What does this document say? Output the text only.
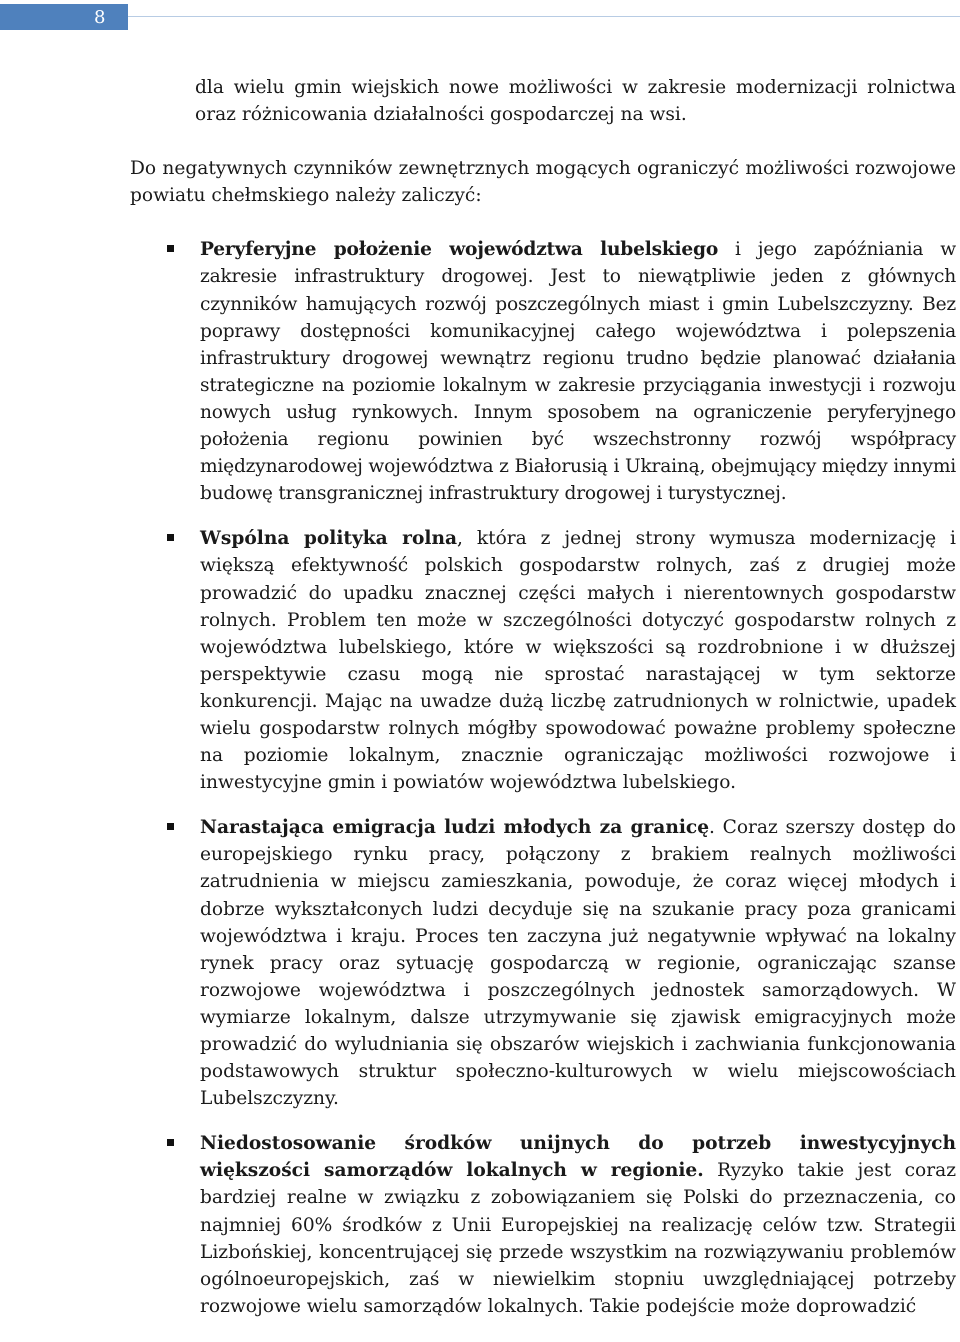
8

dla wielu gmin wiejskich nowe możliwości w zakresie modernizacji rolnictwa oraz różnicowania działalności gospodarczej na wsi.

Do negatywnych czynników zewnętrznych mogących ograniczyć możliwości rozwojowe powiatu chełmskiego należy zaliczyć:

Peryferyjne położenie województwa lubelskiego i jego zapóźniania w zakresie infrastruktury drogowej. Jest to niewątpliwie jeden z głównych czynników hamujących rozwój poszczególnych miast i gmin Lubelszczyzny. Bez poprawy dostępności komunikacyjnej całego województwa i polepszenia infrastruktury drogowej wewnątrz regionu trudno będzie planować działania strategiczne na poziomie lokalnym w zakresie przyciągania inwestycji i rozwoju nowych usług rynkowych. Innym sposobem na ograniczenie peryferyjnego położenia regionu powinien być wszechstronny rozwój współpracy międzynarodowej województwa z Białorusią i Ukrainą, obejmujący między innymi budowę transgranicznej infrastruktury drogowej i turystycznej.

Wspólna polityka rolna, która z jednej strony wymusza modernizację i większą efektywność polskich gospodarstw rolnych, zaś z drugiej może prowadzić do upadku znacznej części małych i nierentownych gospodarstw rolnych. Problem ten może w szczególności dotyczyć gospodarstw rolnych z województwa lubelskiego, które w większości są rozdrobnione i w dłuższej perspektywie czasu mogą nie sprostać narastającej w tym sektorze konkurencji. Mając na uwadze dużą liczbę zatrudnionych w rolnictwie, upadek wielu gospodarstw rolnych mógłby spowodować poważne problemy społeczne na poziomie lokalnym, znacznie ograniczając możliwości rozwojowe i inwestycyjne gmin i powiatów województwa lubelskiego.

Narastająca emigracja ludzi młodych za granicę. Coraz szerszy dostęp do europejskiego rynku pracy, połączony z brakiem realnych możliwości zatrudnienia w miejscu zamieszkania, powoduje, że coraz więcej młodych i dobrze wykształconych ludzi decyduje się na szukanie pracy poza granicami województwa i kraju. Proces ten zaczyna już negatywnie wpływać na lokalny rynek pracy oraz sytuację gospodarczą w regionie, ograniczając szanse rozwojowe województwa i poszczególnych jednostek samorządowych. W wymiarze lokalnym, dalsze utrzymywanie się zjawisk emigracyjnych może prowadzić do wyludniania się obszarów wiejskich i zachwiania funkcjonowania podstawowych struktur społeczno-kulturowych w wielu miejscowościach Lubelszczyzny.

Niedostosowanie środków unijnych do potrzeb inwestycyjnych większości samorządów lokalnych w regionie. Ryzyko takie jest coraz bardziej realne w związku z zobowiązaniem się Polski do przeznaczenia, co najmniej 60% środków z Unii Europejskiej na realizację celów tzw. Strategii Lizbońskiej, koncentrującej się przede wszystkim na rozwiązywaniu problemów ogólnoeuropejskich, zaś w niewielkim stopniu uwzględniającej potrzeby rozwojowe wielu samorządów lokalnych. Takie podejście może doprowadzić
